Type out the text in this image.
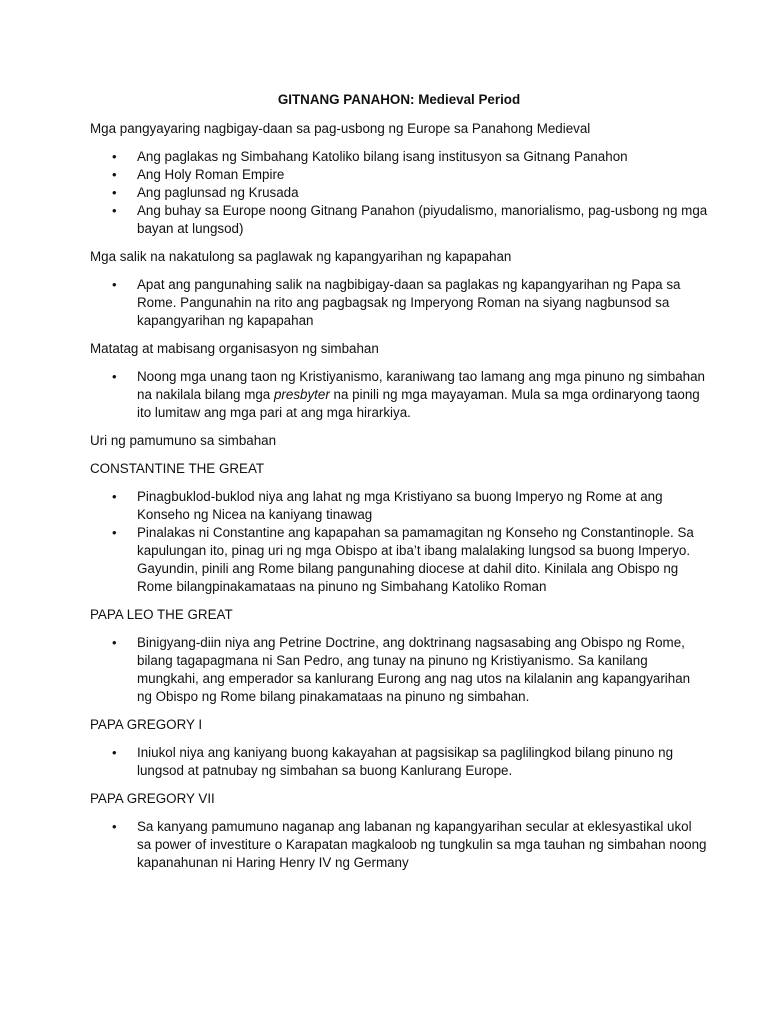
GITNANG PANAHON: Medieval Period

Mga pangyayaring nagbigay-daan sa pag-usbong ng Europe sa Panahong Medieval

• Ang paglakas ng Simbahang Katoliko bilang isang institusyon sa Gitnang Panahon
• Ang Holy Roman Empire
• Ang paglunsad ng Krusada
• Ang buhay sa Europe noong Gitnang Panahon (piyudalismo, manorialismo, pag-usbong ng mga bayan at lungsod)

Mga salik na nakatulong sa paglawak ng kapangyarihan ng kapapahan

• Apat ang pangunahing salik na nagbibigay-daan sa paglakas ng kapangyarihan ng Papa sa Rome. Pangunahin na rito ang pagbagsak ng Imperyong Roman na siyang nagbunsod sa kapangyarihan ng kapapahan

Matatag at mabisang organisasyon ng simbahan

• Noong mga unang taon ng Kristiyanismo, karaniwang tao lamang ang mga pinuno ng simbahan na nakilala bilang mga presbyter na pinili ng mga mayayaman. Mula sa mga ordinaryong taong ito lumitaw ang mga pari at ang mga hirarkiya.

Uri ng pamumuno sa simbahan

CONSTANTINE THE GREAT

• Pinagbuklod-buklod niya ang lahat ng mga Kristiyano sa buong Imperyo ng Rome at ang Konseho ng Nicea na kaniyang tinawag
• Pinalakas ni Constantine ang kapapahan sa pamamagitan ng Konseho ng Constantinople. Sa kapulungan ito, pinag uri ng mga Obispo at iba’t ibang malalaking lungsod sa buong Imperyo. Gayundin, pinili ang Rome bilang pangunahing diocese at dahil dito. Kinilala ang Obispo ng Rome bilangpinakamataas na pinuno ng Simbahang Katoliko Roman

PAPA LEO THE GREAT

• Binigyang-diin niya ang Petrine Doctrine, ang doktrinang nagsasabing ang Obispo ng Rome, bilang tagapagmana ni San Pedro, ang tunay na pinuno ng Kristiyanismo. Sa kanilang mungkahi, ang emperador sa kanlurang Eurong ang nag utos na kilalanin ang kapangyarihan ng Obispo ng Rome bilang pinakamataas na pinuno ng simbahan.

PAPA GREGORY I

• Iniukol niya ang kaniyang buong kakayahan at pagsisikap sa paglilingkod bilang pinuno ng lungsod at patnubay ng simbahan sa buong Kanlurang Europe.

PAPA GREGORY VII

• Sa kanyang pamumuno naganap ang labanan ng kapangyarihan secular at eklesyastikal ukol sa power of investiture o Karapatan magkaloob ng tungkulin sa mga tauhan ng simbahan noong kapanahunan ni Haring Henry IV ng Germany
